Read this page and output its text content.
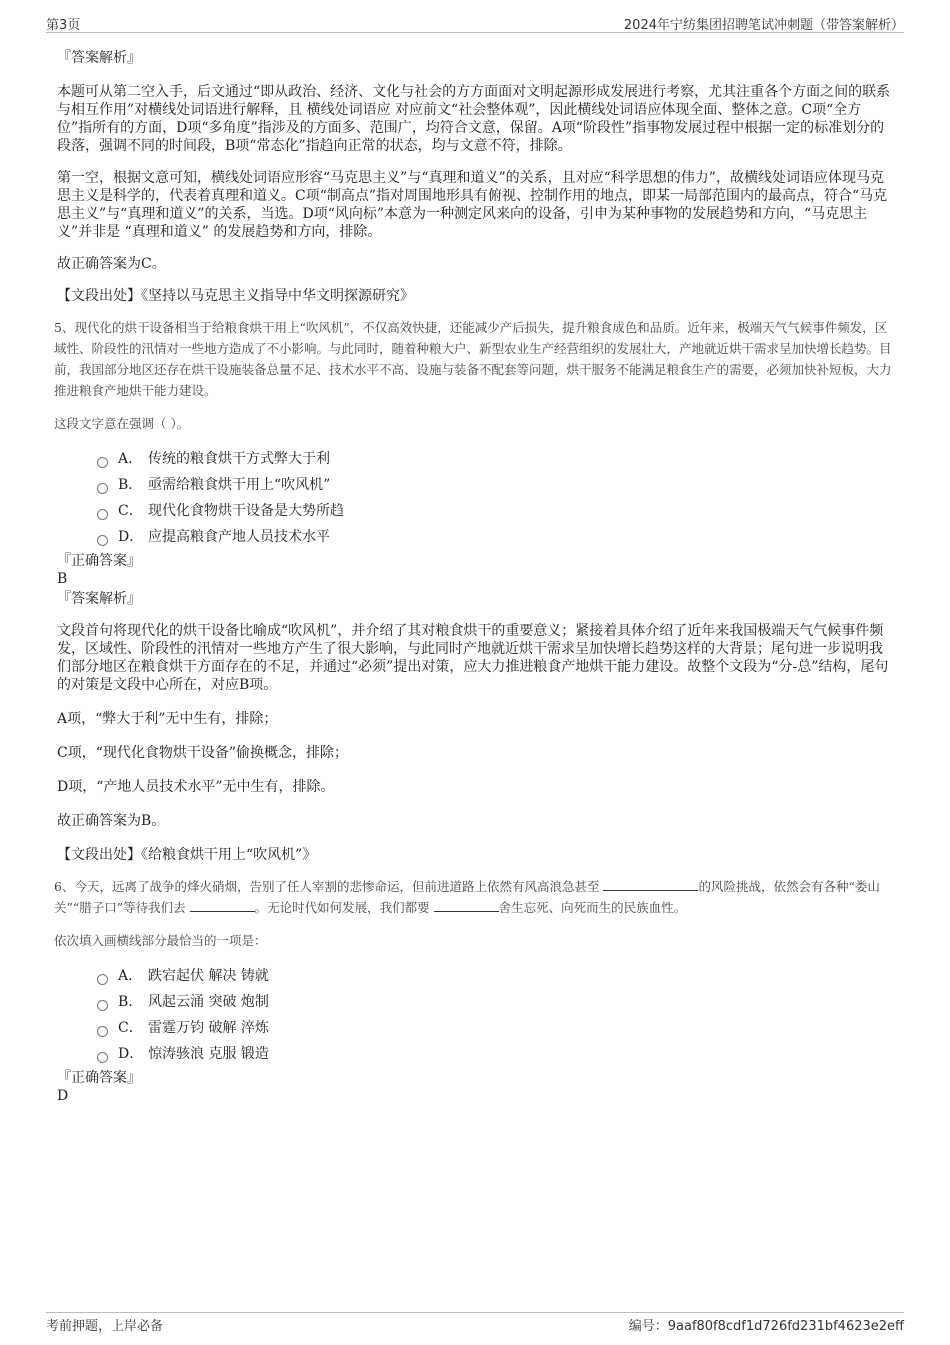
第3页	2024年宁纺集团招聘笔试冲刺题（带答案解析）

『答案解析』

本题可从第二空入手，后文通过“即从政治、经济、文化与社会的方方面面对文明起源形成发展进行考察，尤其注重各个方面之间的联系与相互作用”对横线处词语进行解释，且 横线处词语应 对应前文“社会整体观”，因此横线处词语应体现全面、整体之意。C项“全方位”指所有的方面，D项“多角度”指涉及的方面多、范围广，均符合文意，保留。A项“阶段性”指事物发展过程中根据一定的标准划分的段落，强调不同的时间段，B项“常态化”指趋向正常的状态，均与文意不符，排除。

第一空，根据文意可知，横线处词语应形容“马克思主义”与“真理和道义”的关系，且对应“科学思想的伟力”，故横线处词语应体现马克思主义是科学的，代表着真理和道义。C项“制高点”指对周围地形具有俯视、控制作用的地点，即某一局部范围内的最高点，符合“马克思主义”与“真理和道义”的关系，当选。D项“风向标”本意为一种测定风来向的设备，引申为某种事物的发展趋势和方向，“马克思主义”并非是 “真理和道义” 的发展趋势和方向，排除。

故正确答案为C。

【文段出处】《坚持以马克思主义指导中华文明探源研究》

5、现代化的烘干设备相当于给粮食烘干用上“吹风机”，不仅高效快捷，还能减少产后损失，提升粮食成色和品质。近年来，极端天气气候事件频发，区域性、阶段性的汛情对一些地方造成了不小影响。与此同时，随着种粮大户、新型农业生产经营组织的发展壮大，产地就近烘干需求呈加快增长趋势。目前，我国部分地区还存在烘干设施装备总量不足、技术水平不高、设施与装备不配套等问题，烘干服务不能满足粮食生产的需要，必须加快补短板，大力推进粮食产地烘干能力建设。

这段文字意在强调（ ）。

A． 传统的粮食烘干方式弊大于利
B． 亟需给粮食烘干用上“吹风机”
C． 现代化食物烘干设备是大势所趋
D． 应提高粮食产地人员技术水平

『正确答案』

B

『答案解析』

文段首句将现代化的烘干设备比喻成“吹风机”，并介绍了其对粮食烘干的重要意义；紧接着具体介绍了近年来我国极端天气气候事件频发，区域性、阶段性的汛情对一些地方产生了很大影响，与此同时产地就近烘干需求呈加快增长趋势这样的大背景；尾句进一步说明我们部分地区在粮食烘干方面存在的不足，并通过“必须”提出对策，应大力推进粮食产地烘干能力建设。故整个文段为“分-总”结构，尾句的对策是文段中心所在，对应B项。

A项，“弊大于利”无中生有，排除；

C项，“现代化食物烘干设备”偷换概念，排除；

D项，“产地人员技术水平”无中生有，排除。

故正确答案为B。

【文段出处】《给粮食烘干用上“吹风机”》

6、今天，远离了战争的烽火硝烟，告别了任人宰割的悲惨命运，但前进道路上依然有风高浪急甚至	的风险挑战，依然会有各种“娄山关”“腊子口”等待我们去	。无论时代如何发展，我们都要	舍生忘死、向死而生的民族血性。

依次填入画横线部分最恰当的一项是：

A． 跌宕起伏 解决 铸就
B． 风起云涌 突破 炮制
C． 雷霆万钧 破解 淬炼
D． 惊涛骇浪 克服 锻造

『正确答案』

D

考前押题，上岸必备	编号：9aaf80f8cdf1d726fd231bf4623e2eff
